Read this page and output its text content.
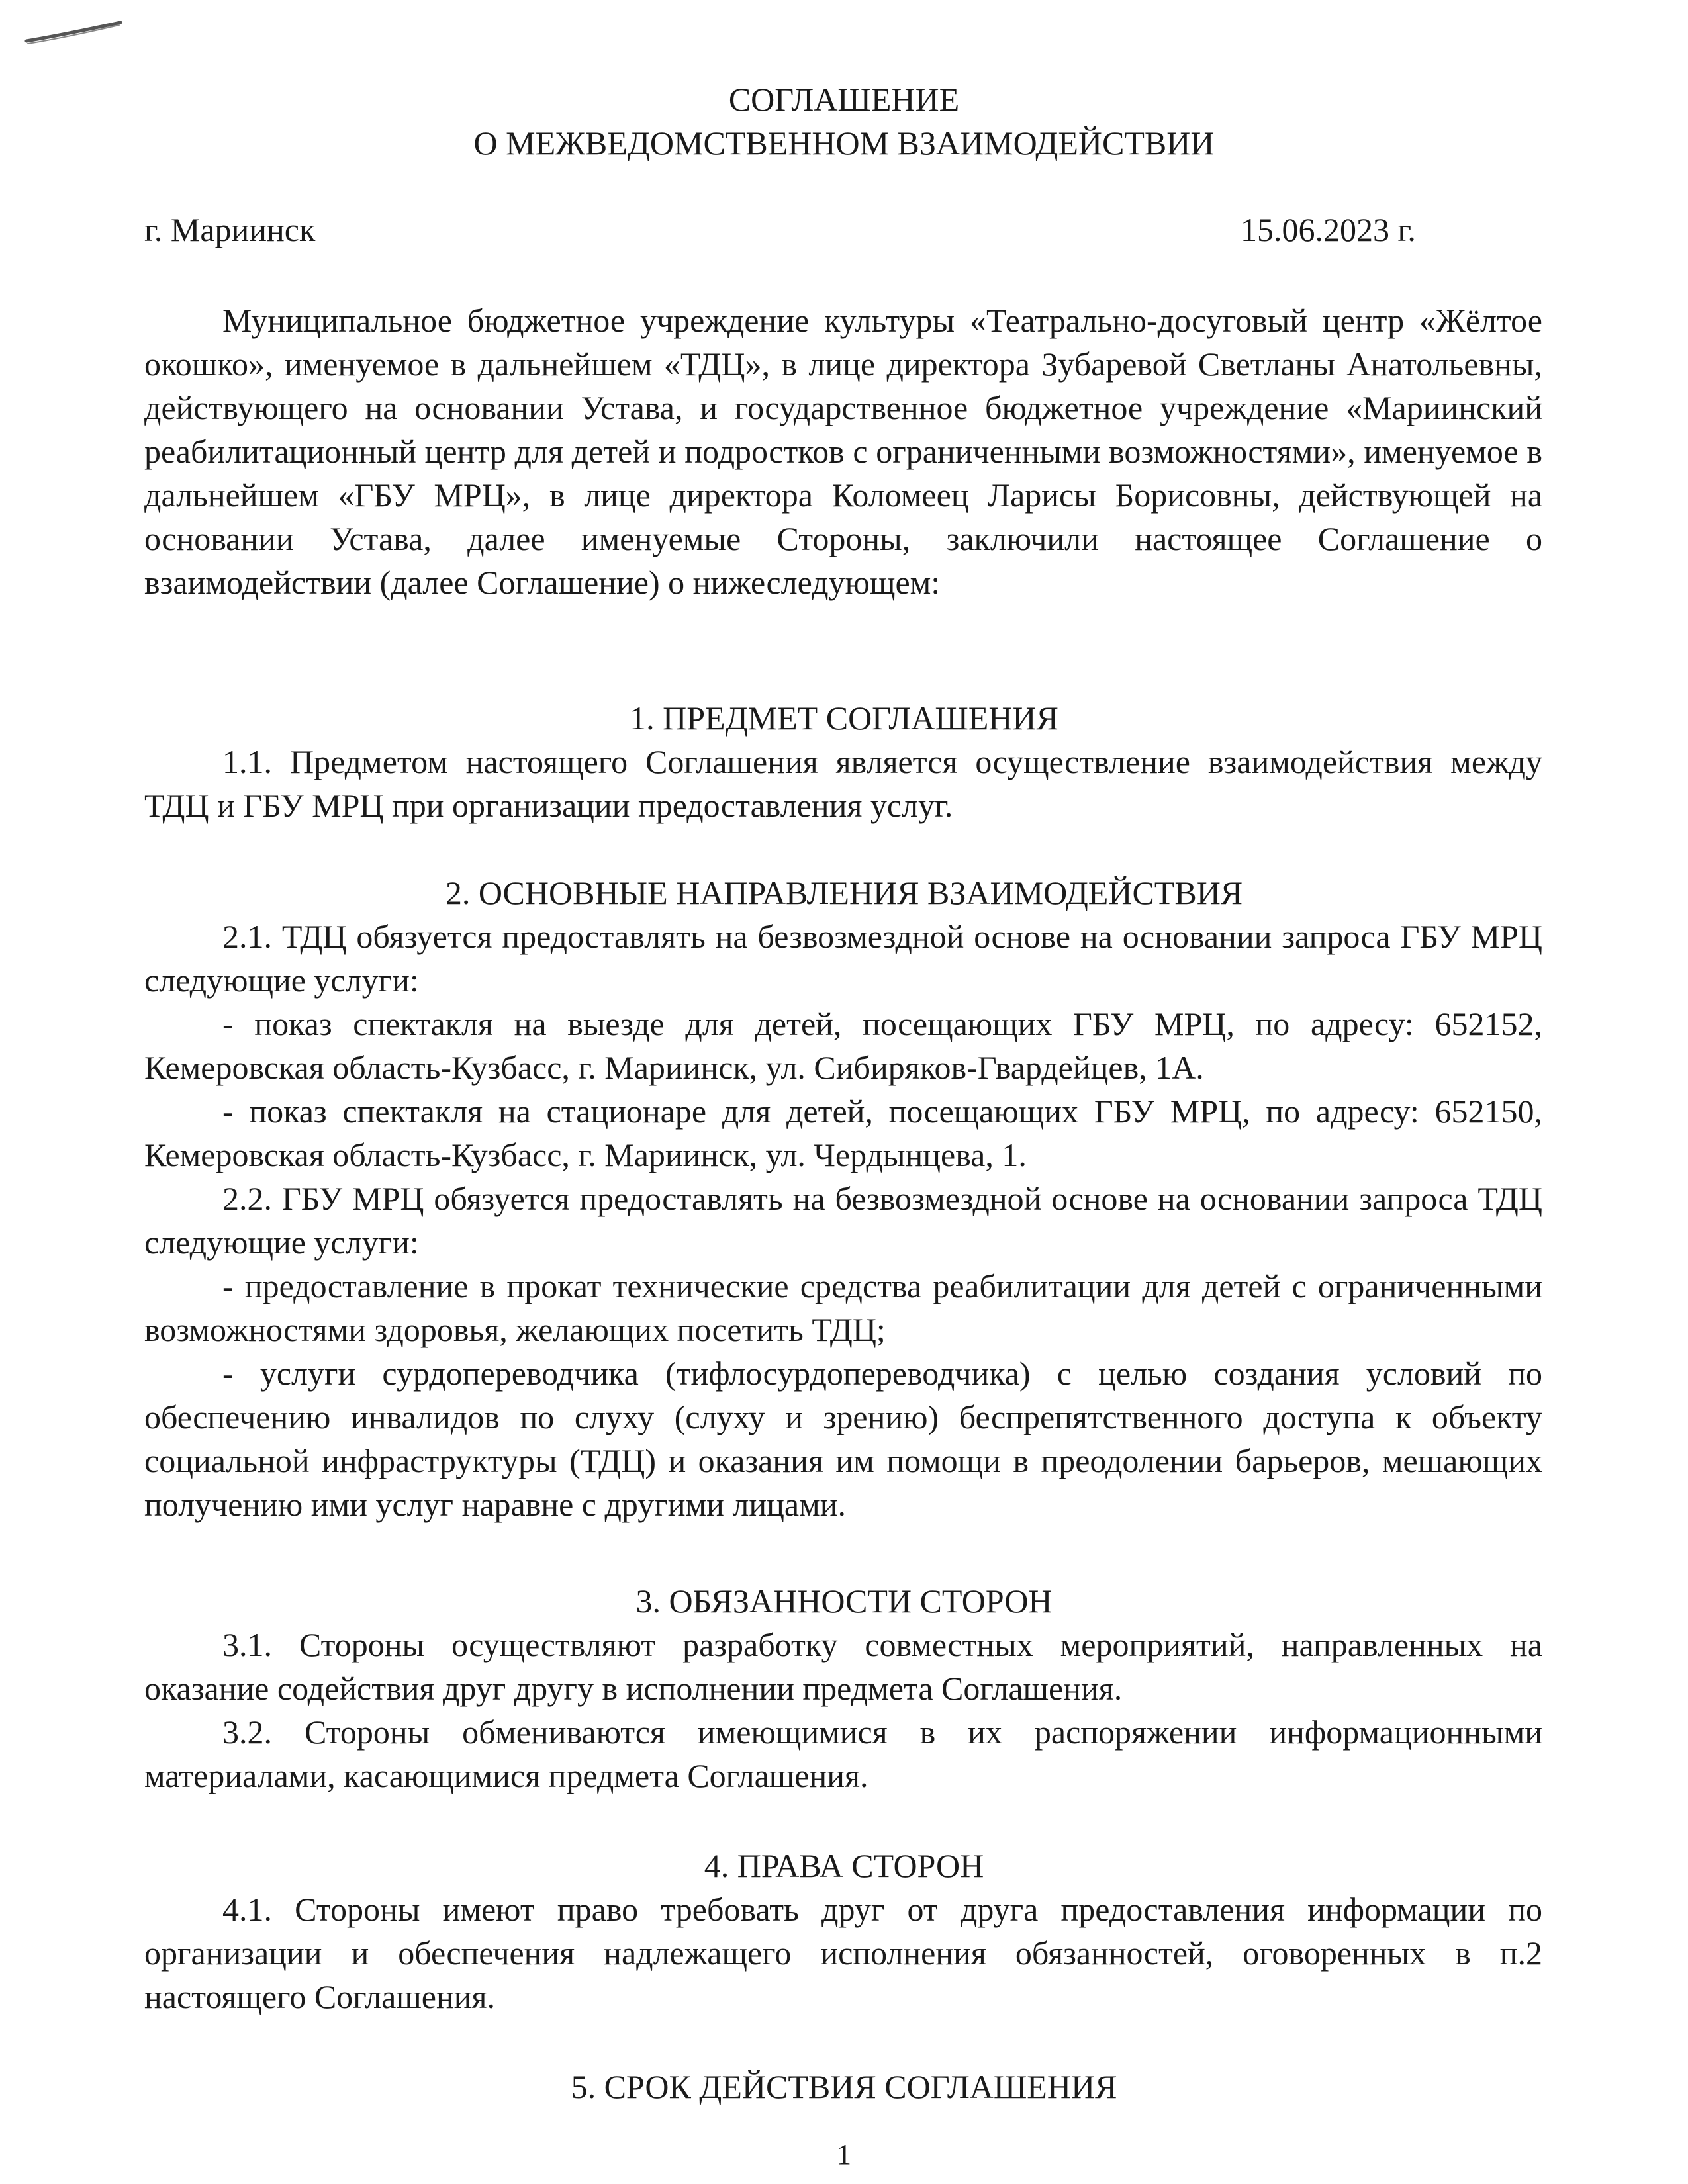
СОГЛАШЕНИЕ
О МЕЖВЕДОМСТВЕННОМ ВЗАИМОДЕЙСТВИИ
г. Мариинск	15.06.2023 г.

Муниципальное бюджетное учреждение культуры «Театрально-досуговый центр «Жёлтое окошко», именуемое в дальнейшем «ТДЦ», в лице директора Зубаревой Светланы Анатольевны, действующего на основании Устава, и государственное бюджетное учреждение «Мариинский реабилитационный центр для детей и подростков с ограниченными возможностями», именуемое в дальнейшем «ГБУ МРЦ», в лице директора Коломеец Ларисы Борисовны, действующей на основании Устава, далее именуемые Стороны, заключили настоящее Соглашение о взаимодействии (далее Соглашение) о нижеследующем:

1. ПРЕДМЕТ СОГЛАШЕНИЯ

1.1. Предметом настоящего Соглашения является осуществление взаимодействия между ТДЦ и ГБУ МРЦ при организации предоставления услуг.

2. ОСНОВНЫЕ НАПРАВЛЕНИЯ ВЗАИМОДЕЙСТВИЯ

2.1. ТДЦ обязуется предоставлять на безвозмездной основе на основании запроса ГБУ МРЦ следующие услуги:

- показ спектакля на выезде для детей, посещающих ГБУ МРЦ, по адресу: 652152, Кемеровская область-Кузбасс, г. Мариинск, ул. Сибиряков-Гвардейцев, 1А.

- показ спектакля на стационаре для детей, посещающих ГБУ МРЦ, по адресу: 652150, Кемеровская область-Кузбасс, г. Мариинск, ул. Чердынцева, 1.

2.2. ГБУ МРЦ обязуется предоставлять на безвозмездной основе на основании запроса ТДЦ следующие услуги:

- предоставление в прокат технические средства реабилитации для детей с ограниченными возможностями здоровья, желающих посетить ТДЦ;

- услуги сурдопереводчика (тифлосурдопереводчика) с целью создания условий по обеспечению инвалидов по слуху (слуху и зрению) беспрепятственного доступа к объекту социальной инфраструктуры (ТДЦ) и оказания им помощи в преодолении барьеров, мешающих получению ими услуг наравне с другими лицами.

3. ОБЯЗАННОСТИ СТОРОН

3.1. Стороны осуществляют разработку совместных мероприятий, направленных на оказание содействия друг другу в исполнении предмета Соглашения.

3.2. Стороны обмениваются имеющимися в их распоряжении информационными материалами, касающимися предмета Соглашения.

4. ПРАВА СТОРОН

4.1. Стороны имеют право требовать друг от друга предоставления информации по организации и обеспечения надлежащего исполнения обязанностей, оговоренных в п.2 настоящего Соглашения.

5. СРОК ДЕЙСТВИЯ СОГЛАШЕНИЯ
1
